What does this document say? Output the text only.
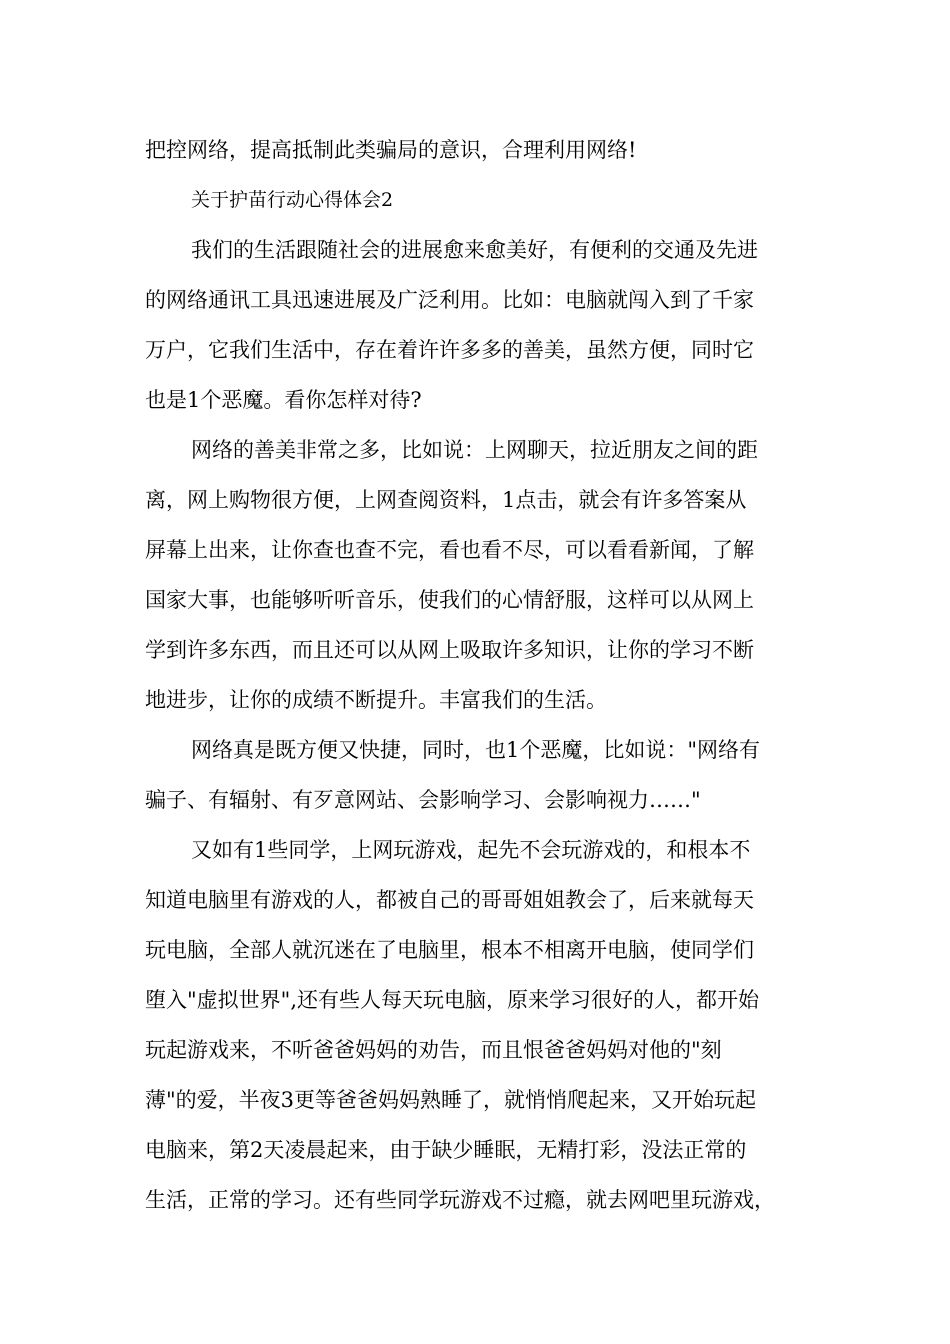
把控网络，提高抵制此类骗局的意识，合理利用网络!
关于护苗行动心得体会2
我们的生活跟随社会的进展愈来愈美好，有便利的交通及先进
的网络通讯工具迅速进展及广泛利用。比如：电脑就闯入到了千家
万户，它我们生活中，存在着许许多多的善美，虽然方便，同时它
也是1个恶魔。看你怎样对待?
网络的善美非常之多，比如说：上网聊天，拉近朋友之间的距
离，网上购物很方便，上网查阅资料，1点击，就会有许多答案从
屏幕上出来，让你查也查不完，看也看不尽，可以看看新闻，了解
国家大事，也能够听听音乐，使我们的心情舒服，这样可以从网上
学到许多东西，而且还可以从网上吸取许多知识，让你的学习不断
地进步，让你的成绩不断提升。丰富我们的生活。
网络真是既方便又快捷，同时，也1个恶魔，比如说："网络有
骗子、有辐射、有歹意网站、会影响学习、会影响视力……"
又如有1些同学，上网玩游戏，起先不会玩游戏的，和根本不
知道电脑里有游戏的人，都被自己的哥哥姐姐教会了，后来就每天
玩电脑，全部人就沉迷在了电脑里，根本不相离开电脑，使同学们
堕入"虚拟世界",还有些人每天玩电脑，原来学习很好的人，都开始
玩起游戏来，不听爸爸妈妈的劝告，而且恨爸爸妈妈对他的"刻
薄"的爱，半夜3更等爸爸妈妈熟睡了，就悄悄爬起来，又开始玩起
电脑来，第2天凌晨起来，由于缺少睡眠，无精打彩，没法正常的
生活，正常的学习。还有些同学玩游戏不过瘾，就去网吧里玩游戏，
